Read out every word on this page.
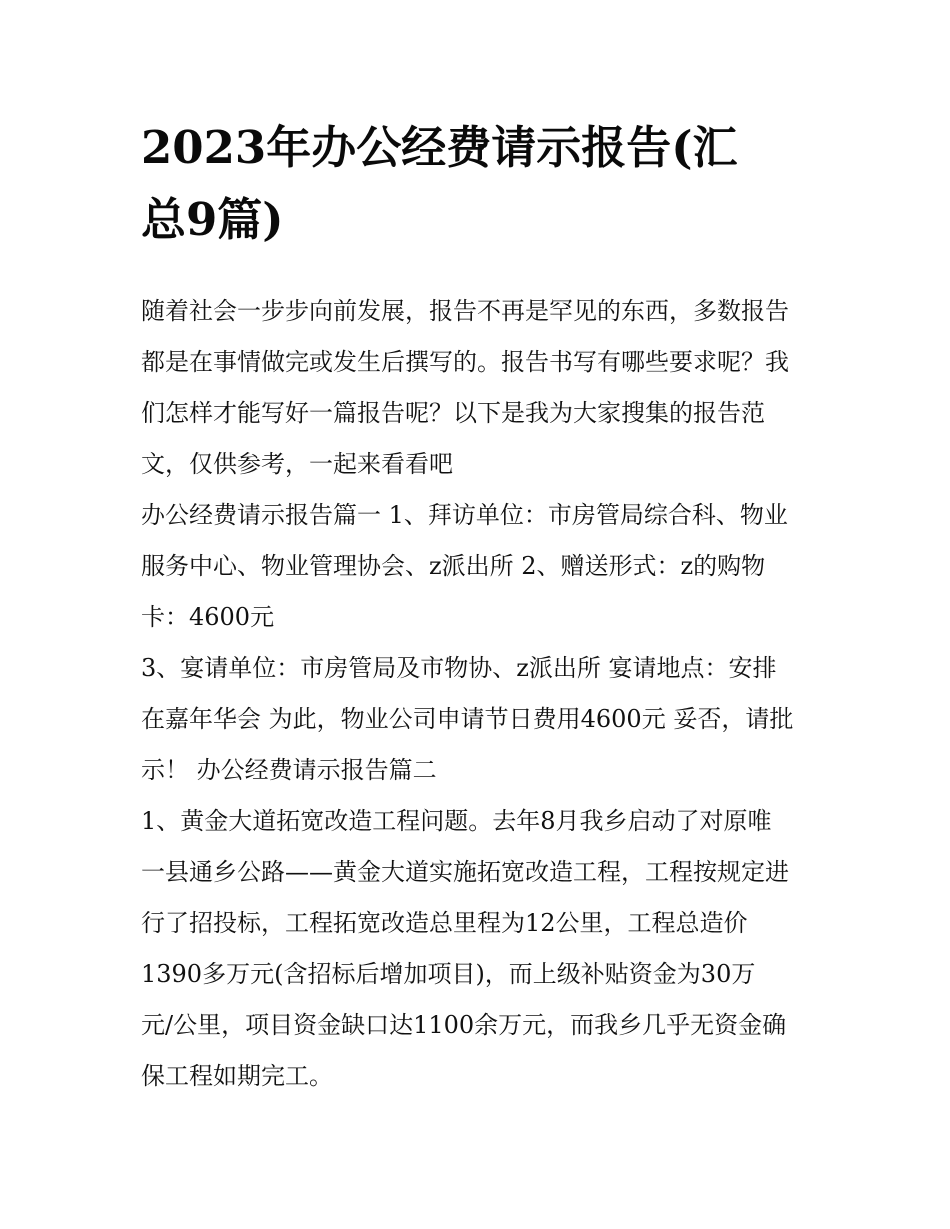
2023年办公经费请示报告(汇
总9篇)

随着社会一步步向前发展，报告不再是罕见的东西，多数报告
都是在事情做完或发生后撰写的。报告书写有哪些要求呢？我
们怎样才能写好一篇报告呢？以下是我为大家搜集的报告范
文，仅供参考，一起来看看吧

办公经费请示报告篇一 1、拜访单位：市房管局综合科、物业
服务中心、物业管理协会、z派出所 2、赠送形式：z的购物
卡：4600元

3、宴请单位：市房管局及市物协、z派出所 宴请地点：安排
在嘉年华会 为此，物业公司申请节日费用4600元 妥否，请批
示！ 办公经费请示报告篇二

1、黄金大道拓宽改造工程问题。去年8月我乡启动了对原唯
一县通乡公路——黄金大道实施拓宽改造工程，工程按规定进
行了招投标，工程拓宽改造总里程为12公里，工程总造价
1390多万元(含招标后增加项目)，而上级补贴资金为30万
元/公里，项目资金缺口达1100余万元，而我乡几乎无资金确
保工程如期完工。
